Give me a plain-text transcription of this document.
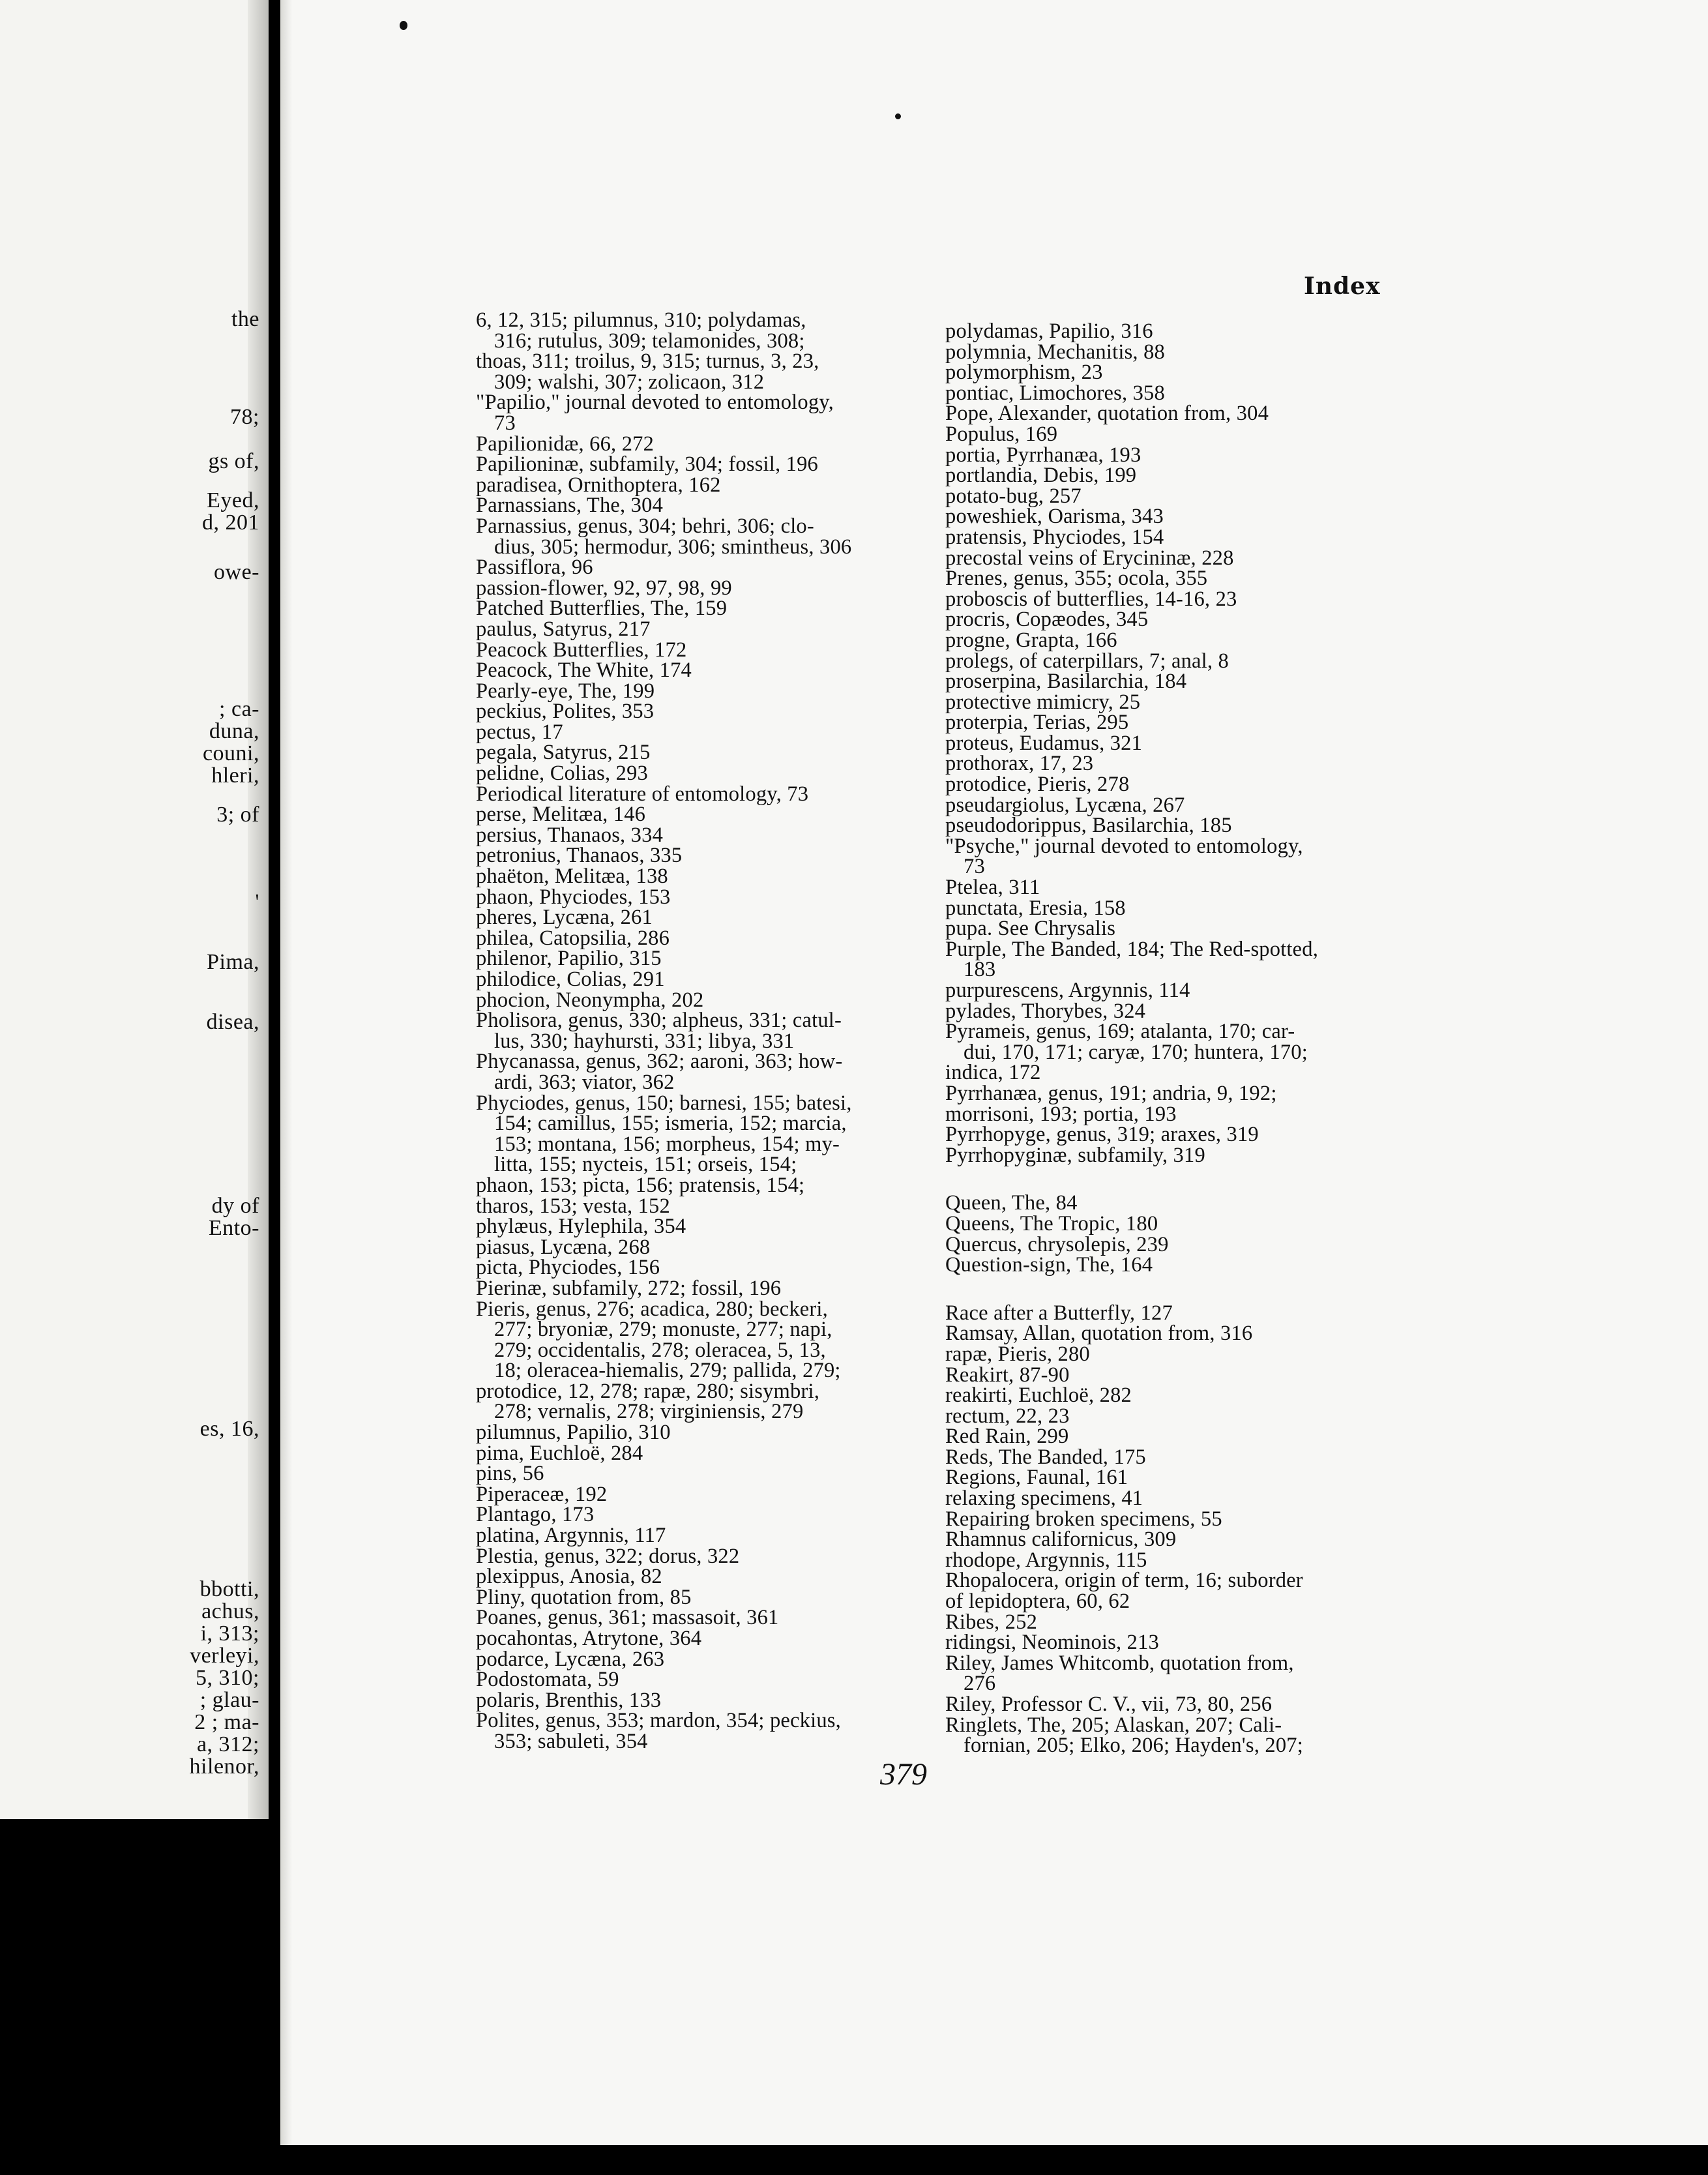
the
78;
gs of,
Eyed,
d, 201
owe-
; ca-
duna,
couni,
hleri,
3; of
'
Pima,
disea,
dy of
Ento-
es, 16,
bbotti,
achus,
i, 313;
verleyi,
5, 310;
; glau-
2 ; ma-
a, 312;
hilenor,
Index
6, 12, 315; pilumnus, 310; polydamas,
316; rutulus, 309; telamonides, 308;
thoas, 311; troilus, 9, 315; turnus, 3, 23,
309; walshi, 307; zolicaon, 312
"Papilio," journal devoted to entomology,
73
Papilionidæ, 66, 272
Papilioninæ, subfamily, 304; fossil, 196
paradisea, Ornithoptera, 162
Parnassians, The, 304
Parnassius, genus, 304; behri, 306; clo-
dius, 305; hermodur, 306; smintheus, 306
Passiflora, 96
passion-flower, 92, 97, 98, 99
Patched Butterflies, The, 159
paulus, Satyrus, 217
Peacock Butterflies, 172
Peacock, The White, 174
Pearly-eye, The, 199
peckius, Polites, 353
pectus, 17
pegala, Satyrus, 215
pelidne, Colias, 293
Periodical literature of entomology, 73
perse, Melitæa, 146
persius, Thanaos, 334
petronius, Thanaos, 335
phaëton, Melitæa, 138
phaon, Phyciodes, 153
pheres, Lycæna, 261
philea, Catopsilia, 286
philenor, Papilio, 315
philodice, Colias, 291
phocion, Neonympha, 202
Pholisora, genus, 330; alpheus, 331; catul-
lus, 330; hayhursti, 331; libya, 331
Phycanassa, genus, 362; aaroni, 363; how-
ardi, 363; viator, 362
Phyciodes, genus, 150; barnesi, 155; batesi,
154; camillus, 155; ismeria, 152; marcia,
153; montana, 156; morpheus, 154; my-
litta, 155; nycteis, 151; orseis, 154;
phaon, 153; picta, 156; pratensis, 154;
tharos, 153; vesta, 152
phylæus, Hylephila, 354
piasus, Lycæna, 268
picta, Phyciodes, 156
Pierinæ, subfamily, 272; fossil, 196
Pieris, genus, 276; acadica, 280; beckeri,
277; bryoniæ, 279; monuste, 277; napi,
279; occidentalis, 278; oleracea, 5, 13,
18; oleracea-hiemalis, 279; pallida, 279;
protodice, 12, 278; rapæ, 280; sisymbri,
278; vernalis, 278; virginiensis, 279
pilumnus, Papilio, 310
pima, Euchloë, 284
pins, 56
Piperaceæ, 192
Plantago, 173
platina, Argynnis, 117
Plestia, genus, 322; dorus, 322
plexippus, Anosia, 82
Pliny, quotation from, 85
Poanes, genus, 361; massasoit, 361
pocahontas, Atrytone, 364
podarce, Lycæna, 263
Podostomata, 59
polaris, Brenthis, 133
Polites, genus, 353; mardon, 354; peckius,
353; sabuleti, 354
polydamas, Papilio, 316
polymnia, Mechanitis, 88
polymorphism, 23
pontiac, Limochores, 358
Pope, Alexander, quotation from, 304
Populus, 169
portia, Pyrrhanæa, 193
portlandia, Debis, 199
potato-bug, 257
poweshiek, Oarisma, 343
pratensis, Phyciodes, 154
precostal veins of Erycininæ, 228
Prenes, genus, 355; ocola, 355
proboscis of butterflies, 14-16, 23
procris, Copæodes, 345
progne, Grapta, 166
prolegs, of caterpillars, 7; anal, 8
proserpina, Basilarchia, 184
protective mimicry, 25
proterpia, Terias, 295
proteus, Eudamus, 321
prothorax, 17, 23
protodice, Pieris, 278
pseudargiolus, Lycæna, 267
pseudodorippus, Basilarchia, 185
"Psyche," journal devoted to entomology,
73
Ptelea, 311
punctata, Eresia, 158
pupa. See Chrysalis
Purple, The Banded, 184; The Red-spotted,
183
purpurescens, Argynnis, 114
pylades, Thorybes, 324
Pyrameis, genus, 169; atalanta, 170; car-
dui, 170, 171; caryæ, 170; huntera, 170;
indica, 172
Pyrrhanæa, genus, 191; andria, 9, 192;
morrisoni, 193; portia, 193
Pyrrhopyge, genus, 319; araxes, 319
Pyrrhopyginæ, subfamily, 319
Queen, The, 84
Queens, The Tropic, 180
Quercus, chrysolepis, 239
Question-sign, The, 164
Race after a Butterfly, 127
Ramsay, Allan, quotation from, 316
rapæ, Pieris, 280
Reakirt, 87-90
reakirti, Euchloë, 282
rectum, 22, 23
Red Rain, 299
Reds, The Banded, 175
Regions, Faunal, 161
relaxing specimens, 41
Repairing broken specimens, 55
Rhamnus californicus, 309
rhodope, Argynnis, 115
Rhopalocera, origin of term, 16; suborder
of lepidoptera, 60, 62
Ribes, 252
ridingsi, Neominois, 213
Riley, James Whitcomb, quotation from,
276
Riley, Professor C. V., vii, 73, 80, 256
Ringlets, The, 205; Alaskan, 207; Cali-
fornian, 205; Elko, 206; Hayden's, 207;
379
